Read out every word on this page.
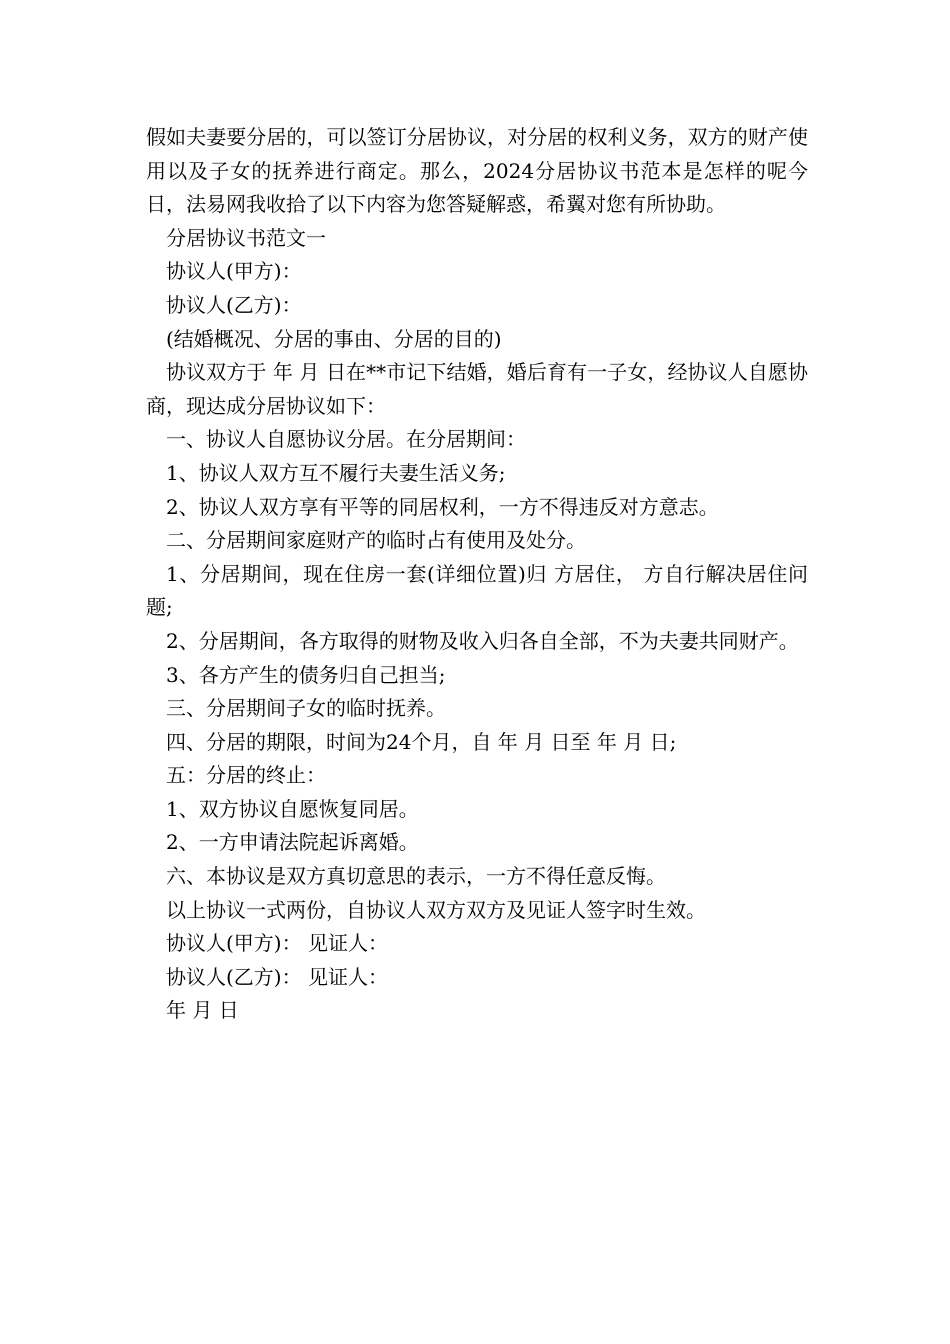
假如夫妻要分居的，可以签订分居协议，对分居的权利义务，双方的财产使用以及子女的抚养进行商定。那么，2024分居协议书范本是怎样的呢今日，法易网我收拾了以下内容为您答疑解惑，希翼对您有所协助。

分居协议书范文一

协议人(甲方)：

协议人(乙方)：

(结婚概况、分居的事由、分居的目的)

协议双方于 年 月 日在**市记下结婚，婚后育有一子女，经协议人自愿协商，现达成分居协议如下：

一、协议人自愿协议分居。在分居期间：

1、协议人双方互不履行夫妻生活义务;

2、协议人双方享有平等的同居权利，一方不得违反对方意志。

二、分居期间家庭财产的临时占有使用及处分。

1、分居期间，现在住房一套(详细位置)归 方居住， 方自行解决居住问题;

2、分居期间，各方取得的财物及收入归各自全部，不为夫妻共同财产。

3、各方产生的债务归自己担当;

三、分居期间子女的临时抚养。

四、分居的期限，时间为24个月，自 年 月 日至 年 月 日;

五：分居的终止：

1、双方协议自愿恢复同居。

2、一方申请法院起诉离婚。

六、本协议是双方真切意思的表示，一方不得任意反悔。

以上协议一式两份，自协议人双方双方及见证人签字时生效。

协议人(甲方)： 见证人：

协议人(乙方)： 见证人：

年 月 日
